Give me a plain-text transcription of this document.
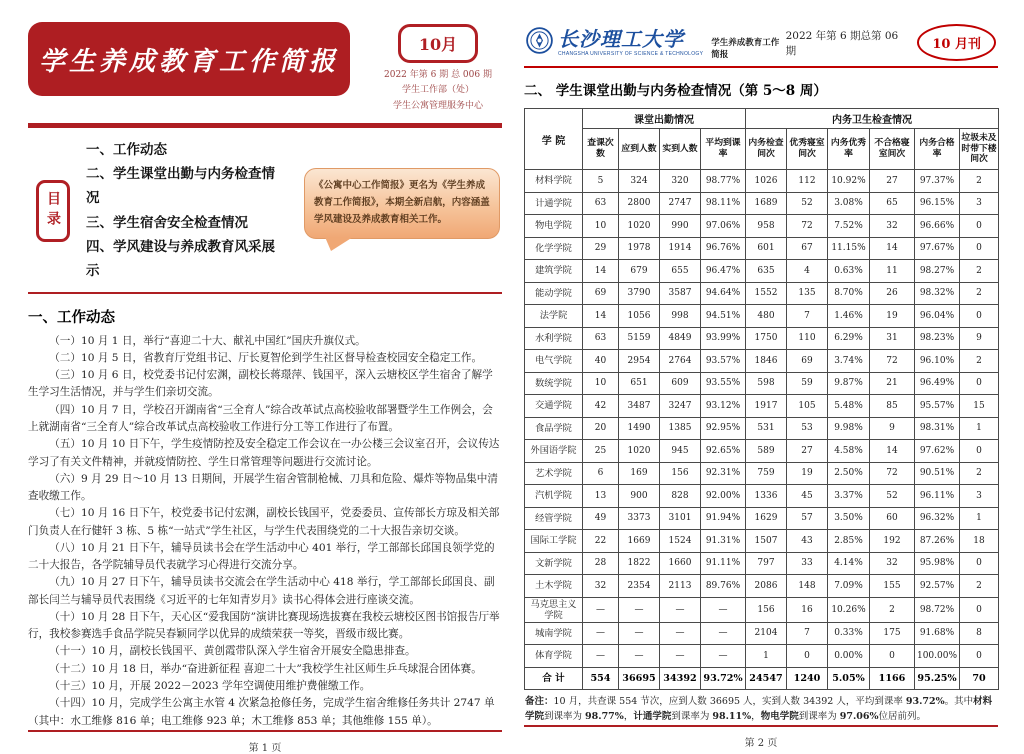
学生养成教育工作简报
10月
2022 年第 6 期 总 006 期
学生工作部（处）
学生公寓管理服务中心
目录
一、工作动态
二、学生课堂出勤与内务检查情况
三、学生宿舍安全检查情况
四、学风建设与养成教育风采展示
《公寓中心工作简报》更名为《学生养成教育工作简报》，本期全新启航，内容涵盖学风建设及养成教育相关工作。
一、工作动态

（一）10 月 1 日，举行“喜迎二十大、献礼中国红”国庆升旗仪式。

（二）10 月 5 日，省教育厅党组书记、厅长夏智伦到学生社区督导检查校园安全稳定工作。

（三）10 月 6 日，校党委书记付宏渊，副校长蒋璟萍、钱国平，深入云塘校区学生宿舍了解学生学习生活情况，并与学生们亲切交流。

（四）10 月 7 日，学校召开湖南省“三全育人”综合改革试点高校验收部署暨学生工作例会，会上就湖南省“三全育人”综合改革试点高校验收工作进行分工等工作进行了布置。

（五）10 月 10 日下午，学生疫情防控及安全稳定工作会议在一办公楼三会议室召开，会议传达学习了有关文件精神，并就疫情防控、学生日常管理等问题进行交流讨论。

（六）9 月 29 日～10 月 13 日期间，开展学生宿舍管制枪械、刀具和危险、爆炸等物品集中清查收缴工作。

（七）10 月 16 日下午，校党委书记付宏渊，副校长钱国平，党委委员、宣传部长方琼及相关部门负责人在行健轩 3 栋、5 栋“一站式”学生社区，与学生代表围绕党的二十大报告亲切交谈。

（八）10 月 21 日下午，辅导员读书会在学生活动中心 401 举行，学工部部长邱国良领学党的二十大报告，各学院辅导员代表就学习心得进行交流分享。

（九）10 月 27 日下午，辅导员读书交流会在学生活动中心 418 举行，学工部部长邱国良、副部长闫兰与辅导员代表围绕《习近平的七年知青岁月》读书心得体会进行座谈交流。

（十）10 月 28 日下午，天心区“爱我国防”演讲比赛现场选拔赛在我校云塘校区图书馆报告厅举行，我校参赛选手食品学院吴春颖同学以优异的成绩荣获一等奖，晋级市级比赛。

（十一）10 月，副校长钱国平、黄创霞带队深入学生宿舍开展安全隐患排查。

（十二）10 月 18 日，举办“奋进新征程 喜迎二十大”我校学生社区师生乒乓球混合团体赛。

（十三）10 月，开展 2022－2023 学年空调使用维护费催缴工作。

（十四）10 月，完成学生公寓主水管 4 次紧急抢修任务，完成学生宿舍维修任务共计 2747 单（其中：水工维修 816 单；电工维修 923 单；木工维修 853 单；其他维修 155 单）。

第 1 页
长沙理工大学
CHANGSHA UNIVERSITY OF SCIENCE & TECHNOLOGY
学生养成教育工作简报
2022 年第 6 期总第 06 期	10 月刊
二、 学生课堂出勤与内务检查情况（第 5～8 周）
学 院	课堂出勤情况				内务卫生检查情况					
	查课次数	应到人数	实到人数	平均到课率	内务检查间次	优秀寝室间次	内务优秀率	不合格寝室间次	内务合格率	垃圾未及时带下楼间次
材料学院	5	324	320	98.77%	1026	112	10.92%	27	97.37%	2
计通学院	63	2800	2747	98.11%	1689	52	3.08%	65	96.15%	3
物电学院	10	1020	990	97.06%	958	72	7.52%	32	96.66%	0
化学学院	29	1978	1914	96.76%	601	67	11.15%	14	97.67%	0
建筑学院	14	679	655	96.47%	635	4	0.63%	11	98.27%	2
能动学院	69	3790	3587	94.64%	1552	135	8.70%	26	98.32%	2
法学院	14	1056	998	94.51%	480	7	1.46%	19	96.04%	0
水利学院	63	5159	4849	93.99%	1750	110	6.29%	31	98.23%	9
电气学院	40	2954	2764	93.57%	1846	69	3.74%	72	96.10%	2
数统学院	10	651	609	93.55%	598	59	9.87%	21	96.49%	0
交通学院	42	3487	3247	93.12%	1917	105	5.48%	85	95.57%	15
食品学院	20	1490	1385	92.95%	531	53	9.98%	9	98.31%	1
外国语学院	25	1020	945	92.65%	589	27	4.58%	14	97.62%	0
艺术学院	6	169	156	92.31%	759	19	2.50%	72	90.51%	2
汽机学院	13	900	828	92.00%	1336	45	3.37%	52	96.11%	3
经管学院	49	3373	3101	91.94%	1629	57	3.50%	60	96.32%	1
国际工学院	22	1669	1524	91.31%	1507	43	2.85%	192	87.26%	18
文新学院	28	1822	1660	91.11%	797	33	4.14%	32	95.98%	0
土木学院	32	2354	2113	89.76%	2086	148	7.09%	155	92.57%	2
马克思主义学院	—	—	—	—	156	16	10.26%	2	98.72%	0
城南学院	—	—	—	—	2104	7	0.33%	175	91.68%	8
体育学院	—	—	—	—	1	0	0.00%	0	100.00%	0
合 计	554	36695	34392	93.72%	24547	1240	5.05%	1166	95.25%	70

备注：10 月，共查课 554 节次，应到人数 36695 人，实到人数 34392 人，平均到课率 93.72%。其中材料学院到课率为 98.77%，计通学院到课率为 98.11%，物电学院到课率为 97.06%位居前列。

第 2 页
